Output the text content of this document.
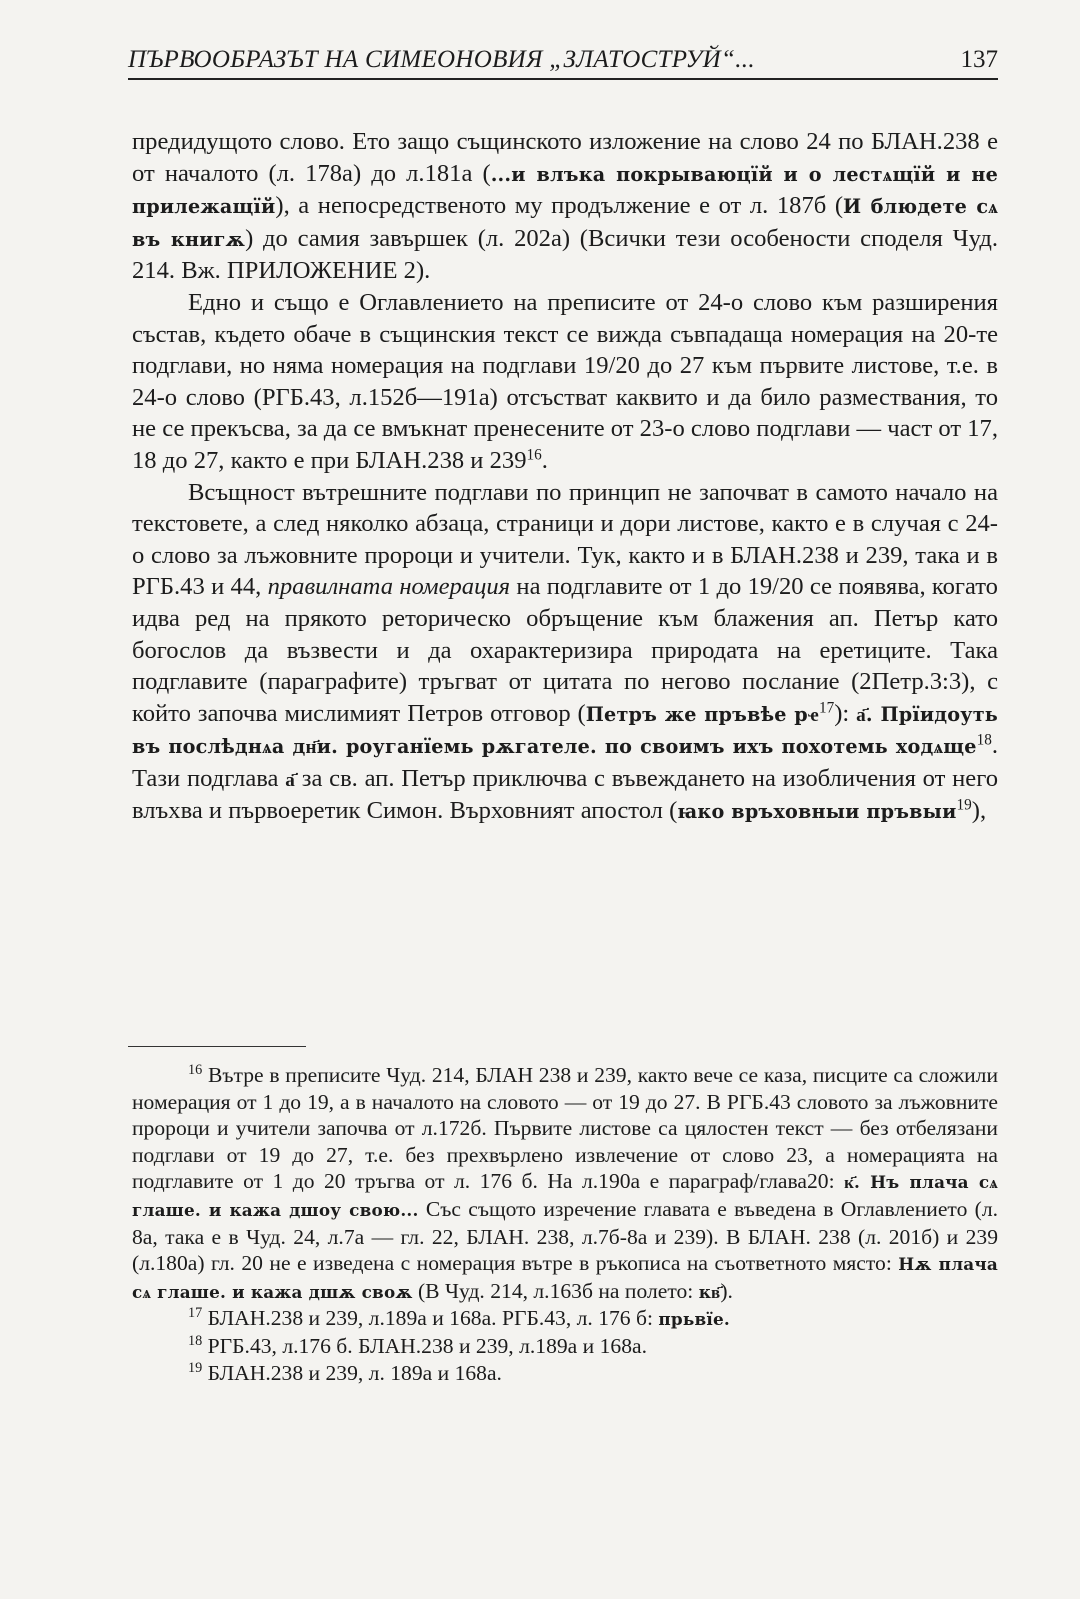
ПЪРВООБРАЗЪТ НА СИМЕОНОВИЯ „ЗЛАТОСТРУЙ“...	137

предидущото слово. Ето защо същинското изложение на слово 24 по БЛАН.238 е от началото (л. 178а) до л.181а (...и влъка покрываюцїй и о лестѧщїй и не прилежащїй), а непосредственото му продължение е от л. 187б (И блюдете сѧ въ книгѫ) до самия завършек (л. 202а) (Всички тези особености споделя Чуд. 214. Вж. ПРИЛОЖЕНИЕ 2).

Едно и също е Оглавлението на преписите от 24-о слово към разширения състав, където обаче в същинския текст се вижда съвпадаща номерация на 20-те подглави, но няма номерация на подглави 19/20 до 27 към първите листове, т.е. в 24-о слово (РГБ.43, л.152б—191а) отсъстват каквито и да било размествания, то не се прекъсва, за да се вмъкнат пренесените от 23-о слово подглави — част от 17, 18 до 27, както е при БЛАН.238 и $239^{16}$.

Всъщност вътрешните подглави по принцип не започват в самото начало на текстовете, а след няколко абзаца, страници и дори листове, както е в случая с 24-о слово за лъжовните пророци и учители. Тук, както и в БЛАН.238 и 239, така и в РГБ.43 и 44, правилната номерация на подглавите от 1 до 19/20 се появява, когато идва ред на прякото реторическо обръщение към блажения ап. Петър като богослов да възвести и да охарактеризира природата на еретиците. Така подглавите (параграфите) тръгват от цитата по негово послание (2Петр.3:3), с който започва мислимият Петров отговор (Петръ же пръвѣе $рҽ^{17}$): а҃. Прїидоуть въ послѣднѧа дн҃и. роуганїемь рѫгателе. по своимъ ихъ похотемь ходѧще$^{18}$. Тази подглава а҃ за св. ап. Петър приключва с въвеждането на изобличения от него влъхва и първоеретик Симон. Върховният апостол (ꙗко връховныи пръвыи$^{19}$),

$^{16}$ Вътре в преписите Чуд. 214, БЛАН 238 и 239, както вече се каза, писците са сложили номерация от 1 до 19, а в началото на словото — от 19 до 27. В РГБ.43 словото за лъжовните пророци и учители започва от л.172б. Първите листове са цялостен текст — без отбелязани подглави от 19 до 27, т.е. без прехвърлено извлечение от слово 23, а номерацията на подглавите от 1 до 20 тръгва от л. 176 б. На л.190а е параграф/глава20: к҃. Нъ плача сѧ глаше. и кажа дшоу свою... Със същото изречение главата е въведена в Оглавлението (л. 8а, така е в Чуд. 24, л.7а — гл. 22, БЛАН. 238, л.7б-8а и 239). В БЛАН. 238 (л. 201б) и 239 (л.180а) гл. 20 не е изведена с номерация вътре в ръкописа на съответното място: Нѫ плача сѧ глаше. и кажа дшѫ своѫ (В Чуд. 214, л.163б на полето: кв҃).

$^{17}$ БЛАН.238 и 239, л.189а и 168а. РГБ.43, л. 176 б: прьвїе.

$^{18}$ РГБ.43, л.176 б. БЛАН.238 и 239, л.189а и 168а.

$^{19}$ БЛАН.238 и 239, л. 189а и 168а.
